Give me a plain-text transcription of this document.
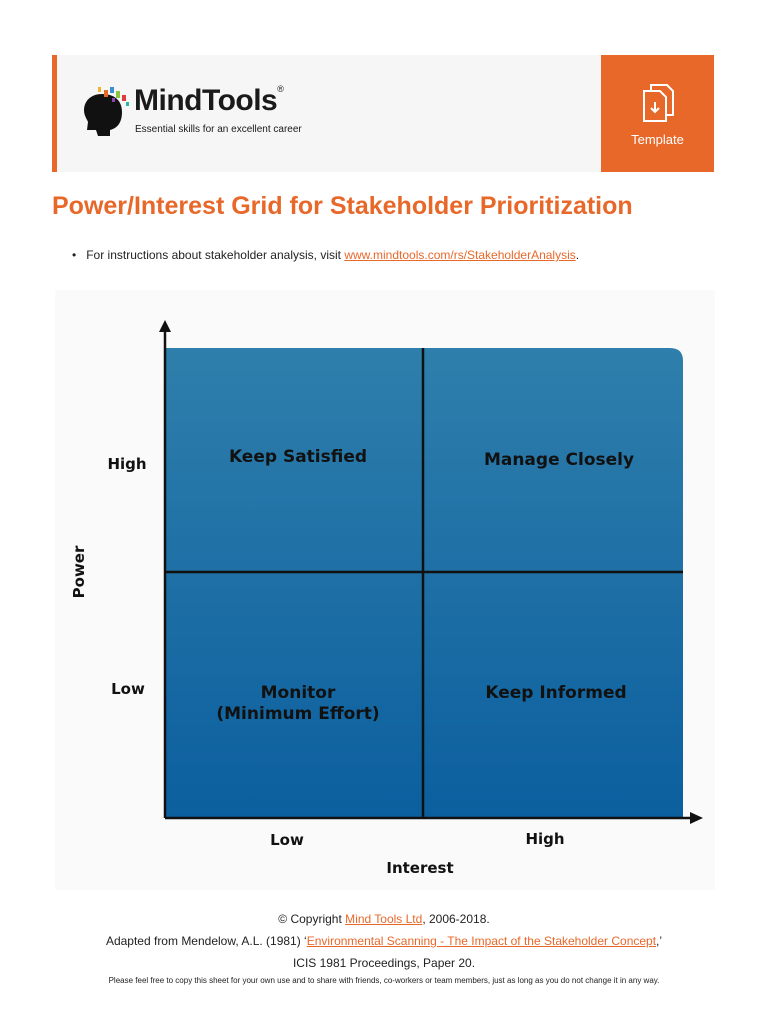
MindTools®
Essential skills for an excellent career
Template
Power/Interest Grid for Stakeholder Prioritization
• For instructions about stakeholder analysis, visit www.mindtools.com/rs/StakeholderAnalysis.
Keep Satisfied	Manage Closely
Monitor
(Minimum Effort)
Keep Informed
High
Low
Low	High
Interest
Power
© Copyright Mind Tools Ltd, 2006-2018.
Adapted from Mendelow, A.L. (1981) ‘Environmental Scanning - The Impact of the Stakeholder Concept,’
ICIS 1981 Proceedings, Paper 20.
Please feel free to copy this sheet for your own use and to share with friends, co-workers or team members, just as long as you do not change it in any way.
